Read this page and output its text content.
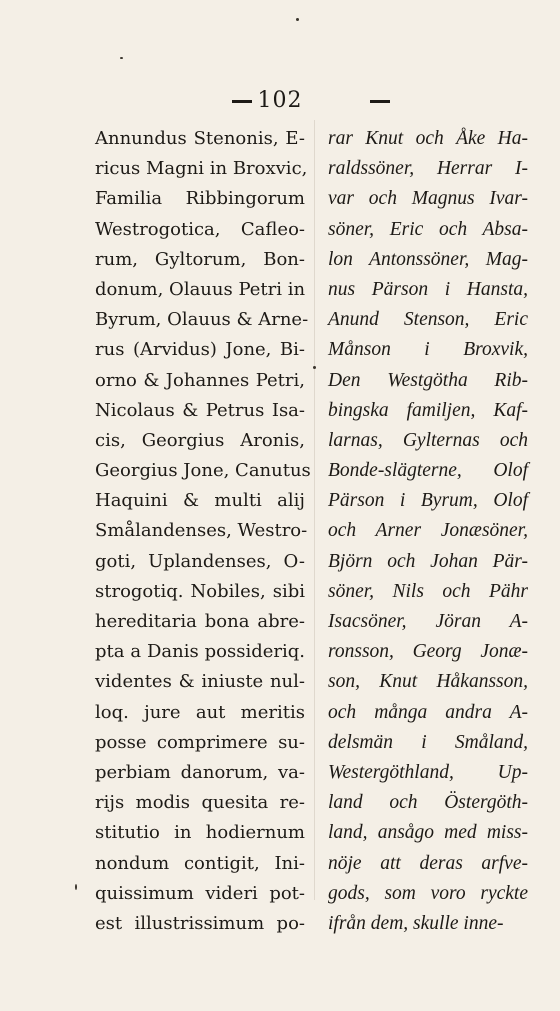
102
Annundus Stenonis, E-
ricus Magni in Broxvic,
Familia Ribbingorum
Westrogotica, Cafleo-
rum, Gyltorum, Bon-
donum, Olauus Petri in
Byrum, Olauus & Arne-
rus (Arvidus) Jone, Bi-
orno & Johannes Petri,
Nicolaus & Petrus Isa-
cis, Georgius Aronis,
Georgius Jone, Canutus
Haquini & multi alij
Smålandenses, Westro-
goti, Uplandenses, O-
strogotiq. Nobiles, sibi
hereditaria bona abre-
pta a Danis possideriq.
videntes & iniuste nul-
loq. jure aut meritis
posse comprimere su-
perbiam danorum, va-
rijs modis quesita re-
stitutio in hodiernum
nondum contigit, Ini-
quissimum videri pot-
est illustrissimum po-
rar Knut och Åke Ha-
raldssöner, Herrar I-
var och Magnus Ivar-
söner, Eric och Absa-
lon Antonssöner, Mag-
nus Pärson i Hansta,
Anund Stenson, Eric
Månson i Broxvik,
Den Westgötha Rib-
bingska familjen, Kaf-
larnas, Gylternas och
Bonde-slägterne, Olof
Pärson i Byrum, Olof
och Arner Jonæsöner,
Björn och Johan Pär-
söner, Nils och Pähr
Isacsöner, Jöran A-
ronsson, Georg Jonæ-
son, Knut Håkansson,
och många andra A-
delsmän i Småland,
Westergöthland, Up-
land och Östergöth-
land, ansågo med miss-
nöje att deras arfve-
gods, som voro ryckte
ifrån dem, skulle inne-
